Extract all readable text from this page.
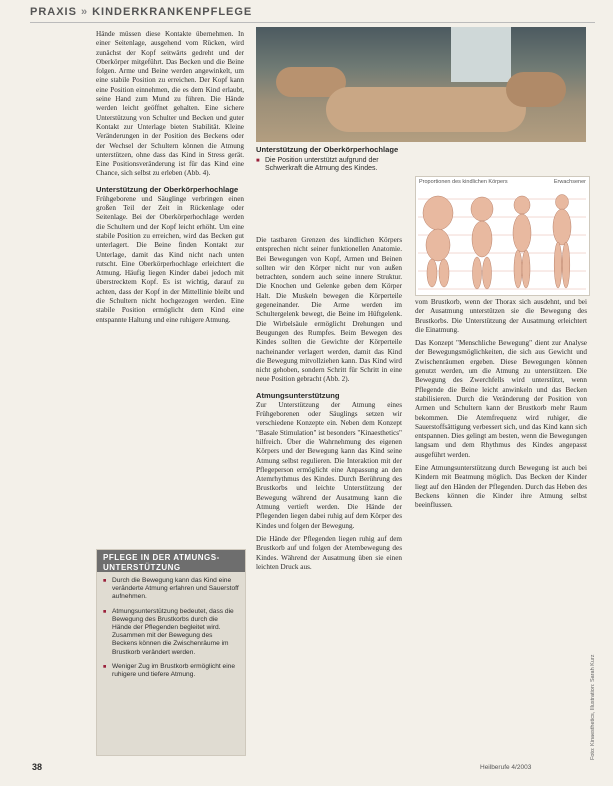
PRAXIS » KINDERKRANKENPFLEGE

Hände müssen diese Kontakte übernehmen. In einer Seitenlage, ausgehend vom Rücken, wird zunächst der Kopf seitwärts gedreht und der Oberkörper mitgeführt. Das Becken und die Beine folgen. Arme und Beine werden angewinkelt, um eine stabile Position zu erreichen. Der Kopf kann eine Position einnehmen, die es dem Kind erlaubt, seine Hand zum Mund zu führen. Die Hände werden leicht geöffnet gehalten. Eine sichere Unterstützung von Schulter und Becken und guter Kontakt zur Unterlage bieten Stabilität. Kleine Veränderungen in der Position des Beckens oder der Wechsel der Schultern können die Atmung unterstützen, ohne dass das Kind in Stress gerät. Eine Positionsveränderung ist für das Kind eine Chance, sich selbst zu erleben (Abb. 4).

Unterstützung der Oberkörperhochlage

Frühgeborene und Säuglinge verbringen einen großen Teil der Zeit in Rückenlage oder Seitenlage. Bei der Oberkörperhochlage werden die Schultern und der Kopf leicht erhöht. Um eine stabile Position zu erreichen, wird das Becken gut unterlagert. Die Beine finden Kontakt zur Unterlage, damit das Kind nicht nach unten rutscht. Eine Oberkörperhochlage erleichtert die Atmung. Häufig liegen Kinder dabei jedoch mit überstrecktem Kopf. Es ist wichtig, darauf zu achten, dass der Kopf in der Mittellinie bleibt und die Schultern nicht hochgezogen werden. Eine stabile Position ermöglicht dem Kind eine entspannte Haltung und eine ruhigere Atmung.

Unterstützung der Oberkörperhochlage
■ Die Position unterstützt aufgrund der Schwerkraft die Atmung des Kindes.

Die tastbaren Grenzen des kindlichen Körpers entsprechen nicht seiner funktionellen Anatomie. Bei Bewegungen von Kopf, Armen und Beinen sollten wir den Körper nicht nur von außen betrachten, sondern auch seine innere Struktur. Die Knochen und Gelenke geben dem Körper Halt. Die Muskeln bewegen die Körperteile gegeneinander. Die Arme werden im Schultergelenk bewegt, die Beine im Hüftgelenk. Die Wirbelsäule ermöglicht Drehungen und Beugungen des Rumpfes. Beim Bewegen des Kindes sollten die Gewichte der Körperteile nacheinander verlagert werden, damit das Kind die Bewegung mitvollziehen kann. Das Kind wird nicht gehoben, sondern Schritt für Schritt in eine neue Position gebracht (Abb. 2).

Atmungsunterstützung

Zur Unterstützung der Atmung eines Frühgeborenen oder Säuglings setzen wir verschiedene Konzepte ein. Neben dem Konzept "Basale Stimulation" ist besonders "Kinaesthetics" hilfreich. Über die Wahrnehmung des eigenen Körpers und der Bewegung kann das Kind seine Atmung selbst regulieren. Die Interaktion mit der Pflegeperson ermöglicht eine Anpassung an den Atemrhythmus des Kindes. Durch Berührung des Brustkorbs und leichte Unterstützung der Bewegung während der Ausatmung kann die Atmung vertieft werden. Die Hände der Pflegenden liegen dabei ruhig auf dem Körper des Kindes und folgen der Bewegung.

Die Hände der Pflegenden liegen ruhig auf dem Brustkorb auf und folgen der Atembewegung des Kindes. Während der Ausatmung üben sie einen leichten Druck aus.

Proportionen des kindlichen Körpers	Erwachsener

vom Brustkorb, wenn der Thorax sich ausdehnt, und bei der Ausatmung unterstützen sie die Bewegung des Brustkorbs. Die Unterstützung der Ausatmung erleichtert die Einatmung.

Das Konzept "Menschliche Bewegung" dient zur Analyse der Bewegungsmöglichkeiten, die sich aus Gewicht und Zwischenräumen ergeben. Diese Bewegungen können genutzt werden, um die Atmung zu unterstützen. Die Bewegung des Zwerchfells wird unterstützt, wenn Pflegende die Beine leicht anwinkeln und das Becken stabilisieren. Durch die Veränderung der Position von Armen und Schultern kann der Brustkorb mehr Raum bekommen. Die Atemfrequenz wird ruhiger, die Sauerstoffsättigung verbessert sich, und das Kind kann sich entspannen. Dies gelingt am besten, wenn die Bewegungen langsam und dem Rhythmus des Kindes angepasst ausgeführt werden.

Eine Atmungsunterstützung durch Bewegung ist auch bei Kindern mit Beatmung möglich. Das Becken der Kinder liegt auf den Händen der Pflegenden. Durch das Heben des Beckens können die Kinder ihre Atmung selbst beeinflussen.

PFLEGE IN DER ATMUNGS-UNTERSTÜTZUNG
■ Durch die Bewegung kann das Kind eine veränderte Atmung erfahren und Sauerstoff aufnehmen.
■ Atmungsunterstützung bedeutet, dass die Bewegung des Brustkorbs durch die Hände der Pflegenden begleitet wird. Zusammen mit der Bewegung des Beckens können die Zwischenräume im Brustkorb verändert werden.
■ Weniger Zug im Brustkorb ermöglicht eine ruhigere und tiefere Atmung.	Foto: Kinaesthetics, Illustration: Sarah Kurz
38	Heilberufe 4/2003
